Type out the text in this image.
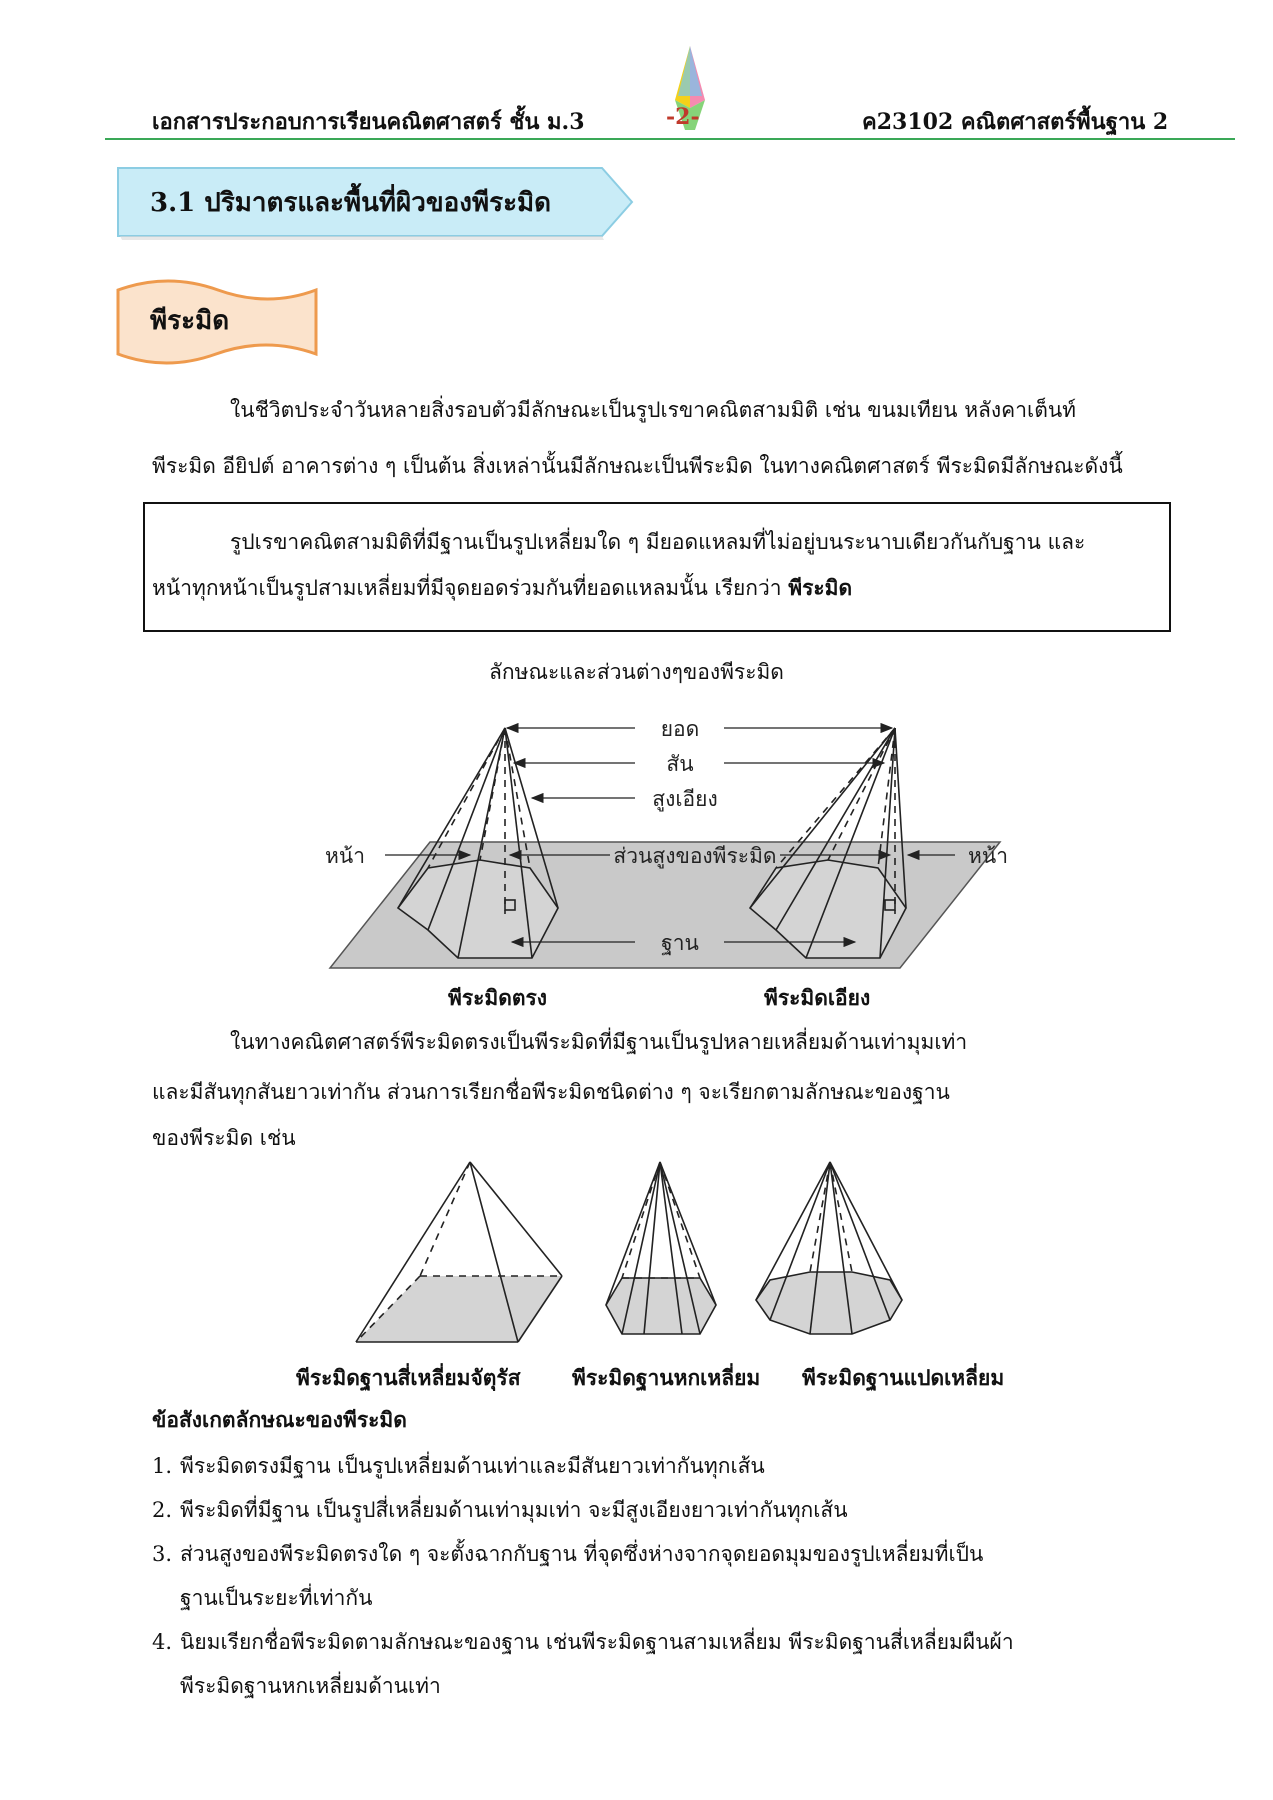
เอกสารประกอบการเรียนคณิตศาสตร์ ชั้น ม.3	-2-	ค23102 คณิตศาสตร์พื้นฐาน 2
3.1 ปริมาตรและพื้นที่ผิวของพีระมิด
พีระมิด
ในชีวิตประจำวันหลายสิ่งรอบตัวมีลักษณะเป็นรูปเรขาคณิตสามมิติ เช่น ขนมเทียน หลังคาเต็นท์
พีระมิด อียิปต์ อาคารต่าง ๆ เป็นต้น สิ่งเหล่านั้นมีลักษณะเป็นพีระมิด ในทางคณิตศาสตร์ พีระมิดมีลักษณะดังนี้
รูปเรขาคณิตสามมิติที่มีฐานเป็นรูปเหลี่ยมใด ๆ มียอดแหลมที่ไม่อยู่บนระนาบเดียวกันกับฐาน และ
หน้าทุกหน้าเป็นรูปสามเหลี่ยมที่มีจุดยอดร่วมกันที่ยอดแหลมนั้น เรียกว่า พีระมิด
ลักษณะและส่วนต่างๆของพีระมิด
ยอด
สัน
สูงเอียง
หน้า	ส่วนสูงของพีระมิด	หน้า
ฐาน
พีระมิดตรง	พีระมิดเอียง
ในทางคณิตศาสตร์พีระมิดตรงเป็นพีระมิดที่มีฐานเป็นรูปหลายเหลี่ยมด้านเท่ามุมเท่า
และมีสันทุกสันยาวเท่ากัน ส่วนการเรียกชื่อพีระมิดชนิดต่าง ๆ จะเรียกตามลักษณะของฐาน
ของพีระมิด เช่น
พีระมิดฐานสี่เหลี่ยมจัตุรัส พีระมิดฐานหกเหลี่ยม พีระมิดฐานแปดเหลี่ยม
ข้อสังเกตลักษณะของพีระมิด
1. พีระมิดตรงมีฐาน เป็นรูปเหลี่ยมด้านเท่าและมีสันยาวเท่ากันทุกเส้น
2. พีระมิดที่มีฐาน เป็นรูปสี่เหลี่ยมด้านเท่ามุมเท่า จะมีสูงเอียงยาวเท่ากันทุกเส้น
3. ส่วนสูงของพีระมิดตรงใด ๆ จะตั้งฉากกับฐาน ที่จุดซึ่งห่างจากจุดยอดมุมของรูปเหลี่ยมที่เป็น
ฐานเป็นระยะที่เท่ากัน
4. นิยมเรียกชื่อพีระมิดตามลักษณะของฐาน เช่นพีระมิดฐานสามเหลี่ยม พีระมิดฐานสี่เหลี่ยมผืนผ้า
พีระมิดฐานหกเหลี่ยมด้านเท่า
